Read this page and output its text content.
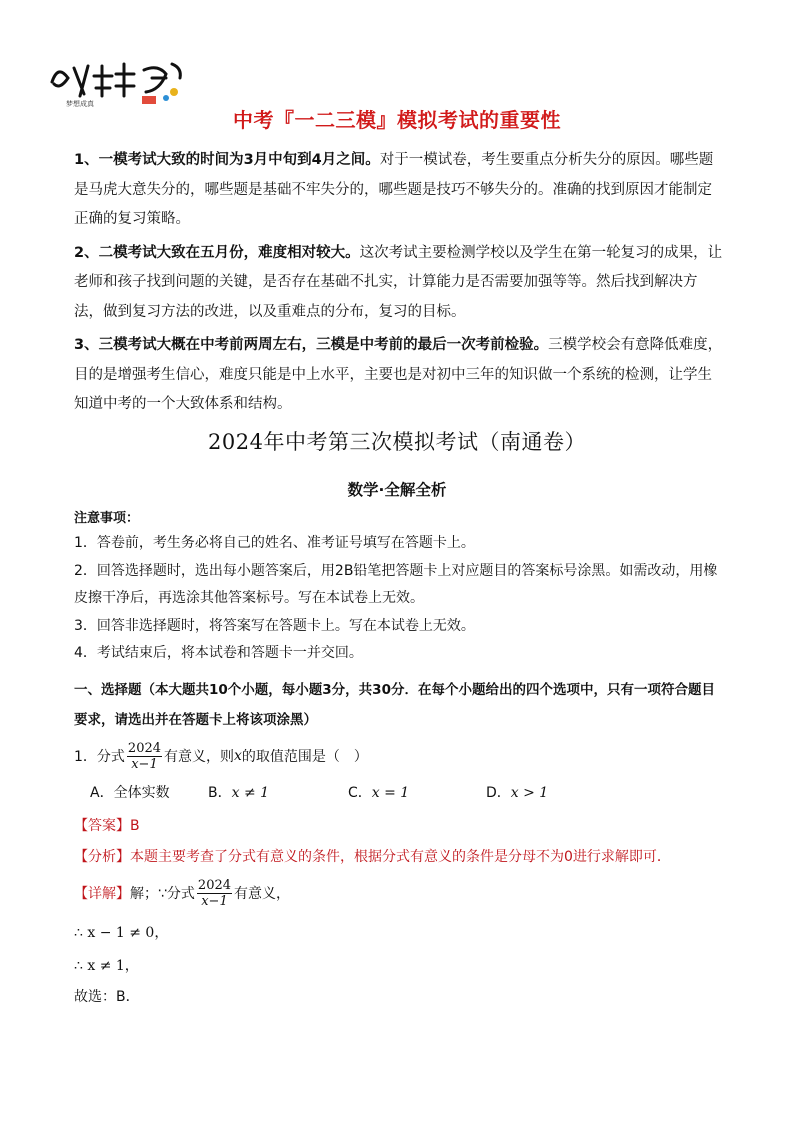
梦想成真
中考『一二三模』模拟考试的重要性

1、一模考试大致的时间为3月中旬到4月之间。对于一模试卷，考生要重点分析失分的原因。哪些题是马虎大意失分的，哪些题是基础不牢失分的，哪些题是技巧不够失分的。准确的找到原因才能制定正确的复习策略。

2、二模考试大致在五月份，难度相对较大。这次考试主要检测学校以及学生在第一轮复习的成果，让老师和孩子找到问题的关键，是否存在基础不扎实，计算能力是否需要加强等等。然后找到解决方法，做到复习方法的改进，以及重难点的分布，复习的目标。

3、三模考试大概在中考前两周左右，三模是中考前的最后一次考前检验。三模学校会有意降低难度，目的是增强考生信心，难度只能是中上水平，主要也是对初中三年的知识做一个系统的检测，让学生知道中考的一个大致体系和结构。

2024年中考第三次模拟考试（南通卷）
数学·全解全析
注意事项：

1．答卷前，考生务必将自己的姓名、准考证号填写在答题卡上。

2．回答选择题时，选出每小题答案后，用2B铅笔把答题卡上对应题目的答案标号涂黑。如需改动，用橡皮擦干净后，再选涂其他答案标号。写在本试卷上无效。

3．回答非选择题时，将答案写在答题卡上。写在本试卷上无效。

4．考试结束后，将本试卷和答题卡一并交回。

一、选择题（本大题共10个小题，每小题3分，共30分．在每个小题给出的四个选项中，只有一项符合题目要求，请选出并在答题卡上将该项涂黑）

1．分式 $\frac{2024}{x-1}$ 有意义，则 x 的取值范围是（　）
A．全体实数	B．x ≠ 1	C．x = 1	D．x > 1
【答案】B
【分析】本题主要考查了分式有意义的条件，根据分式有意义的条件是分母不为0进行求解即可．
【详解】 解；∵分式 $\frac{2024}{x-1}$ 有意义，
∴ x − 1 ≠ 0，
∴ x ≠ 1，
故选：B．
